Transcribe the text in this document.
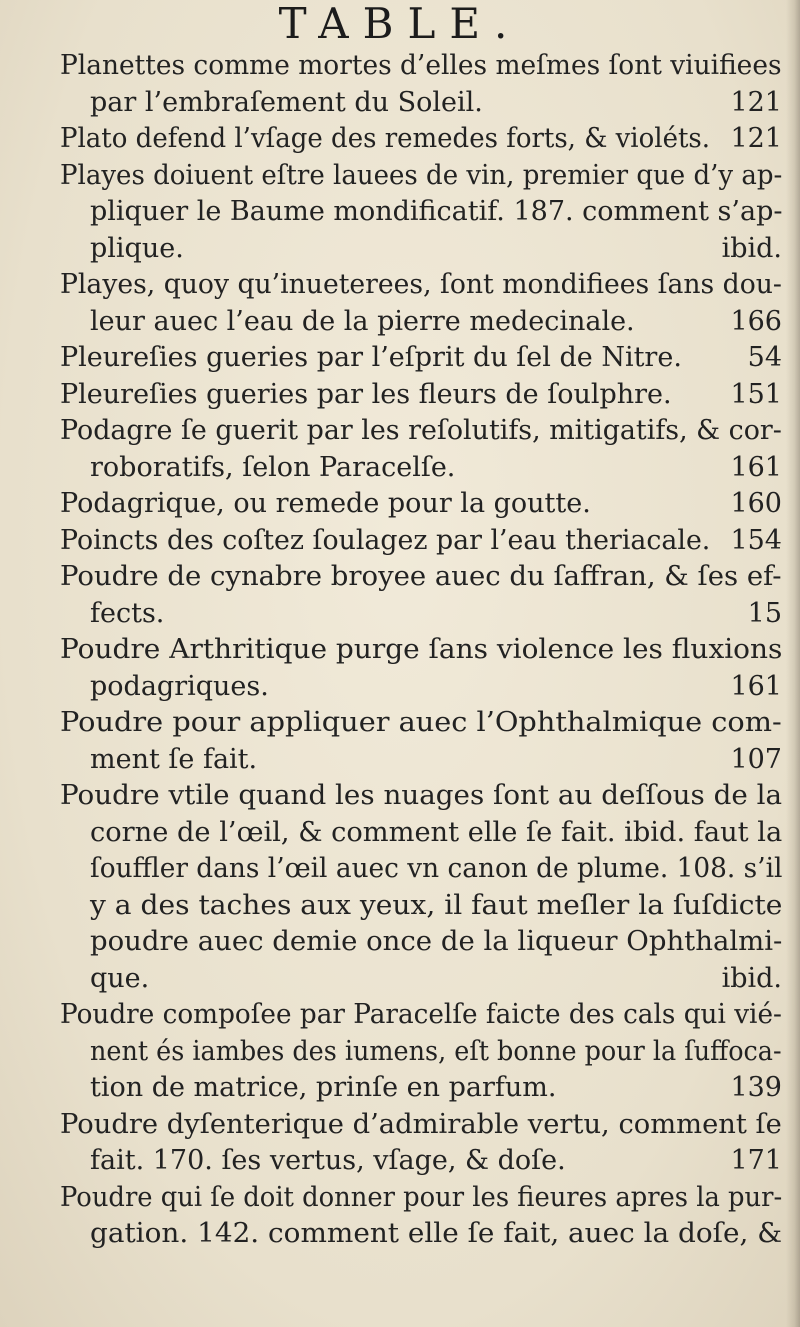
TABLE.
Planettes comme mortes d’elles meſmes ſont viuifiees
par l’embraſement du Soleil.	121
Plato defend l’vſage des remedes forts, & violéts. 121
Playes doiuent eſtre lauees de vin, premier que d’y ap-
pliquer le Baume mondificatif. 187. comment s’ap-
plique.	ibid.
Playes, quoy qu’inueterees, ſont mondifiees ſans dou-
leur auec l’eau de la pierre medecinale.	166
Pleureſies gueries par l’eſprit du ſel de Nitre. 54
Pleureſies gueries par les fleurs de ſoulphre. 151
Podagre ſe guerit par les reſolutifs, mitigatifs, & cor-
roboratifs, ſelon Paracelſe.	161
Podagrique, ou remede pour la goutte.	160
Poincts des coſtez ſoulagez par l’eau theriacale. 154
Poudre de cynabre broyee auec du ſaffran, & ſes ef-
fects.	15
Poudre Arthritique purge ſans violence les fluxions
podagriques.	161
Poudre pour appliquer auec l’Ophthalmique com-
ment ſe fait.	107
Poudre vtile quand les nuages ſont au deſſous de la
corne de l’œil, & comment elle ſe fait. ibid. faut la
ſouffler dans l’œil auec vn canon de plume. 108. s’il
y a des taches aux yeux, il faut meſler la ſuſdicte
poudre auec demie once de la liqueur Ophthalmi-
que.	ibid.
Poudre compoſee par Paracelſe faicte des cals qui vié-
nent és iambes des iumens, eſt bonne pour la ſuffoca-
tion de matrice, prinſe en parfum.	139
Poudre dyſenterique d’admirable vertu, comment ſe
fait. 170. ſes vertus, vſage, & doſe.	171
Poudre qui ſe doit donner pour les fieures apres la pur-
gation. 142. comment elle ſe fait, auec la doſe, &
